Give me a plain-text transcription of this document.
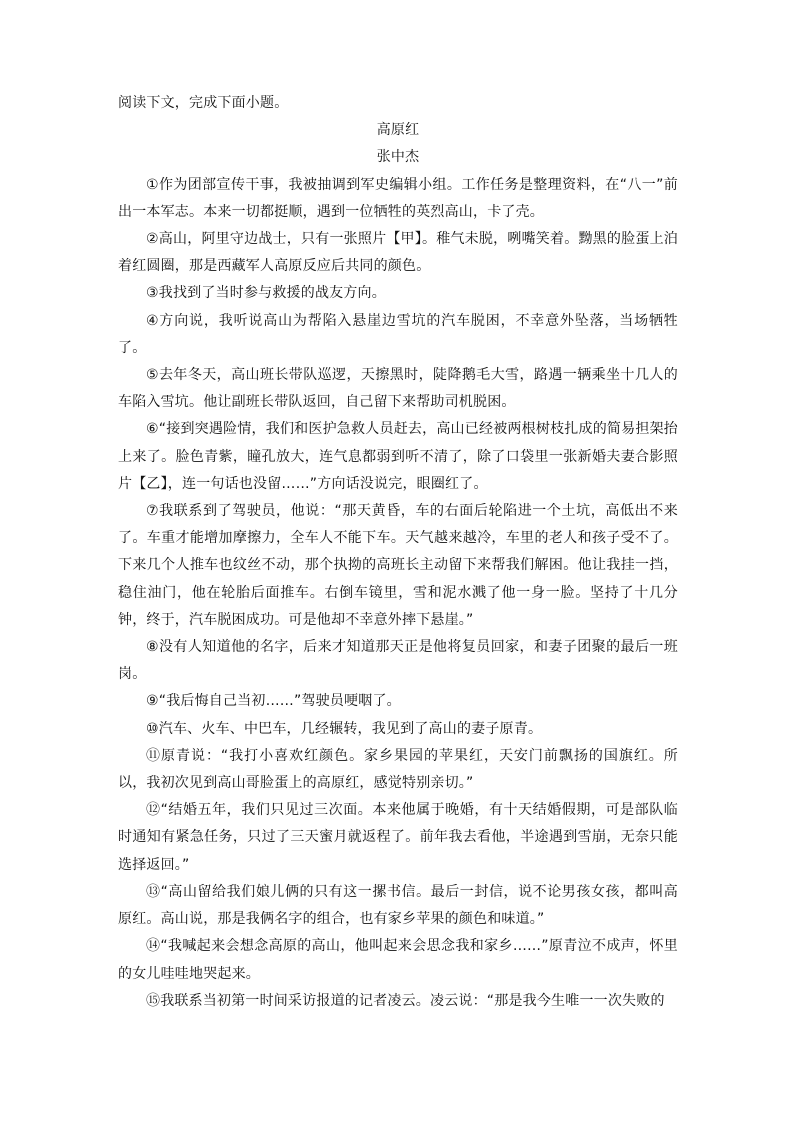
阅读下文，完成下面小题。

高原红

张中杰

①作为团部宣传干事，我被抽调到军史编辑小组。工作任务是整理资料，在“八一”前出一本军志。本来一切都挺顺，遇到一位牺牲的英烈高山，卡了壳。

②高山，阿里守边战士，只有一张照片【甲】。稚气未脱，咧嘴笑着。黝黑的脸蛋上泊着红圆圈，那是西藏军人高原反应后共同的颜色。

③我找到了当时参与救援的战友方向。

④方向说，我听说高山为帮陷入悬崖边雪坑的汽车脱困，不幸意外坠落，当场牺牲了。

⑤去年冬天，高山班长带队巡逻，天擦黑时，陡降鹅毛大雪，路遇一辆乘坐十几人的车陷入雪坑。他让副班长带队返回，自己留下来帮助司机脱困。

⑥“接到突遇险情，我们和医护急救人员赶去，高山已经被两根树枝扎成的简易担架抬上来了。脸色青紫，瞳孔放大，连气息都弱到听不清了，除了口袋里一张新婚夫妻合影照片【乙】，连一句话也没留……”方向话没说完，眼圈红了。

⑦我联系到了驾驶员，他说：“那天黄昏，车的右面后轮陷进一个土坑，高低出不来了。车重才能增加摩擦力，全车人不能下车。天气越来越冷，车里的老人和孩子受不了。下来几个人推车也纹丝不动，那个执拗的高班长主动留下来帮我们解困。他让我挂一挡，稳住油门，他在轮胎后面推车。右倒车镜里，雪和泥水溅了他一身一脸。坚持了十几分钟，终于，汽车脱困成功。可是他却不幸意外摔下悬崖。”

⑧没有人知道他的名字，后来才知道那天正是他将复员回家，和妻子团聚的最后一班岗。

⑨“我后悔自己当初……”驾驶员哽咽了。

⑩汽车、火车、中巴车，几经辗转，我见到了高山的妻子原青。

⑪原青说：“我打小喜欢红颜色。家乡果园的苹果红，天安门前飘扬的国旗红。所以，我初次见到高山哥脸蛋上的高原红，感觉特别亲切。”

⑫“结婚五年，我们只见过三次面。本来他属于晚婚，有十天结婚假期，可是部队临时通知有紧急任务，只过了三天蜜月就返程了。前年我去看他，半途遇到雪崩，无奈只能选择返回。”

⑬“高山留给我们娘儿俩的只有这一摞书信。最后一封信，说不论男孩女孩，都叫高原红。高山说，那是我俩名字的组合，也有家乡苹果的颜色和味道。”

⑭“我喊起来会想念高原的高山，他叫起来会思念我和家乡……”原青泣不成声，怀里的女儿哇哇地哭起来。

⑮我联系当初第一时间采访报道的记者凌云。凌云说：“那是我今生唯一一次失败的
